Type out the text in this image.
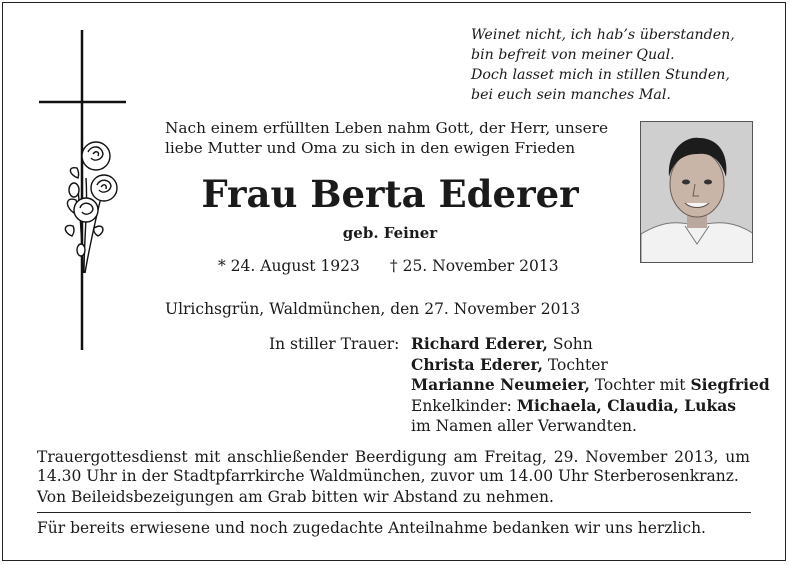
Weinet nicht, ich hab’s überstanden,
bin befreit von meiner Qual.
Doch lasset mich in stillen Stunden,
bei euch sein manches Mal.
Nach einem erfüllten Leben nahm Gott, der Herr, unsere
liebe Mutter und Oma zu sich in den ewigen Frieden
Frau Berta Ederer
geb. Feiner
* 24. August 1923 † 25. November 2013
Ulrichsgrün, Waldmünchen, den 27. November 2013
In stiller Trauer: Richard Ederer, Sohn
Christa Ederer, Tochter
Marianne Neumeier, Tochter mit Siegfried
Enkelkinder: Michaela, Claudia, Lukas
im Namen aller Verwandten.
Trauergottesdienst mit anschließender Beerdigung am Freitag, 29. November 2013, um
14.30 Uhr in der Stadtpfarrkirche Waldmünchen, zuvor um 14.00 Uhr Sterberosenkranz.
Von Beileidsbezeigungen am Grab bitten wir Abstand zu nehmen.
Für bereits erwiesene und noch zugedachte Anteilnahme bedanken wir uns herzlich.
